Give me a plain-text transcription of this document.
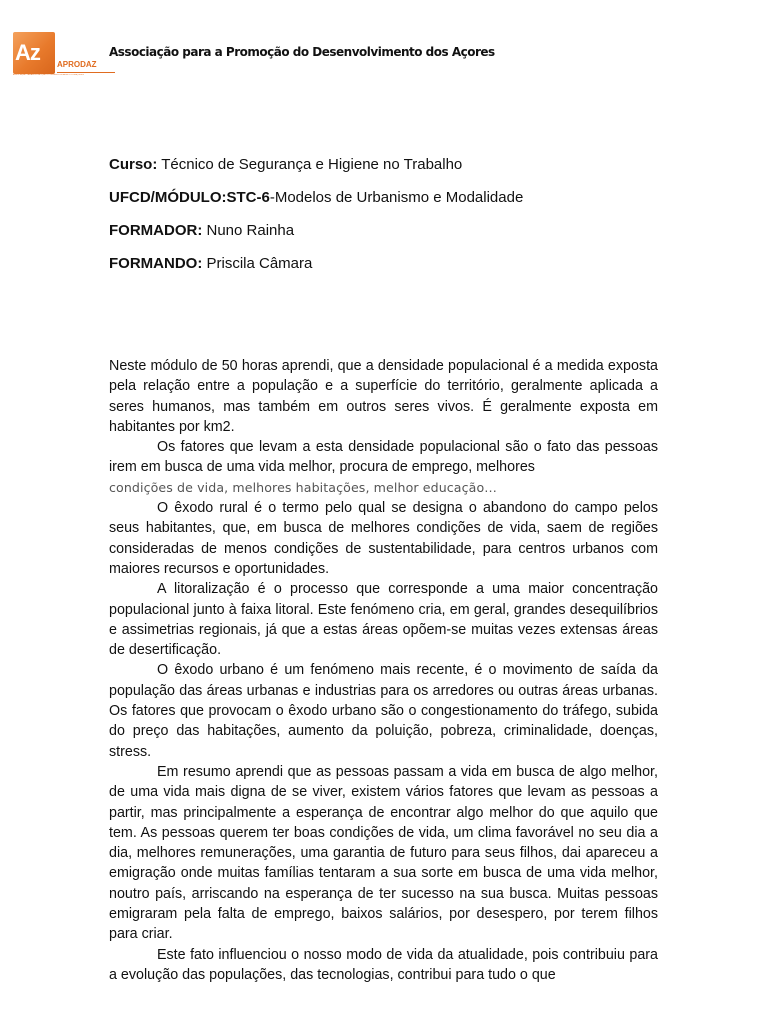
Az	APRODAZ
ASSOCIAÇÃO PARA A PROMOÇÃO DO DESENVOLVIMENTO DOS AÇORES
Associação para a Promoção do Desenvolvimento dos Açores
Curso: Técnico de Segurança e Higiene no Trabalho
UFCD/MÓDULO:STC-6-Modelos de Urbanismo e Modalidade
FORMADOR: Nuno Rainha
FORMANDO: Priscila Câmara

Neste módulo de 50 horas aprendi, que a densidade populacional é a medida exposta pela relação entre a população e a superfície do território, geralmente aplicada a seres humanos, mas também em outros seres vivos. É geralmente exposta em habitantes por km2.

Os fatores que levam a esta densidade populacional são o fato das pessoas irem em busca de uma vida melhor, procura de emprego, melhores

condições de vida, melhores habitações, melhor educação…

O êxodo rural é o termo pelo qual se designa o abandono do campo pelos seus habitantes, que, em busca de melhores condições de vida, saem de regiões consideradas de menos condições de sustentabilidade, para centros urbanos com maiores recursos e oportunidades.

A litoralização é o processo que corresponde a uma maior concentração populacional junto à faixa litoral. Este fenómeno cria, em geral, grandes desequilíbrios e assimetrias regionais, já que a estas áreas opõem-se muitas vezes extensas áreas de desertificação.

O êxodo urbano é um fenómeno mais recente, é o movimento de saída da população das áreas urbanas e industrias para os arredores ou outras áreas urbanas. Os fatores que provocam o êxodo urbano são o congestionamento do tráfego, subida do preço das habitações, aumento da poluição, pobreza, criminalidade, doenças, stress.

Em resumo aprendi que as pessoas passam a vida em busca de algo melhor, de uma vida mais digna de se viver, existem vários fatores que levam as pessoas a partir, mas principalmente a esperança de encontrar algo melhor do que aquilo que tem. As pessoas querem ter boas condições de vida, um clima favorável no seu dia a dia, melhores remunerações, uma garantia de futuro para seus filhos, dai apareceu a emigração onde muitas famílias tentaram a sua sorte em busca de uma vida melhor, noutro país, arriscando na esperança de ter sucesso na sua busca. Muitas pessoas emigraram pela falta de emprego, baixos salários, por desespero, por terem filhos para criar.

Este fato influenciou o nosso modo de vida da atualidade, pois contribuiu para a evolução das populações, das tecnologias, contribui para tudo o que
